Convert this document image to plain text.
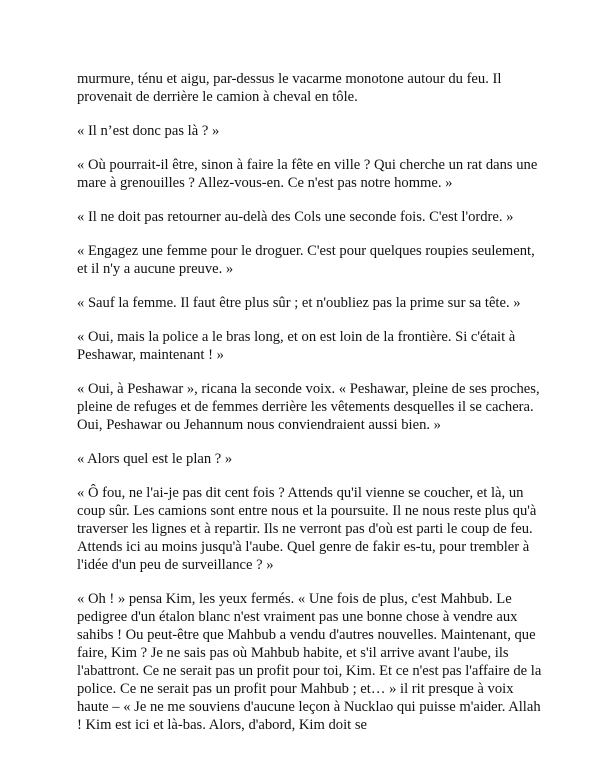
murmure, ténu et aigu, par-dessus le vacarme monotone autour du feu. Il provenait de derrière le camion à cheval en tôle.

« Il n’est donc pas là ? »

« Où pourrait-il être, sinon à faire la fête en ville ? Qui cherche un rat dans une mare à grenouilles ? Allez-vous-en. Ce n'est pas notre homme. »

« Il ne doit pas retourner au-delà des Cols une seconde fois. C'est l'ordre. »

« Engagez une femme pour le droguer. C'est pour quelques roupies seulement, et il n'y a aucune preuve. »

« Sauf la femme. Il faut être plus sûr ; et n'oubliez pas la prime sur sa tête. »

« Oui, mais la police a le bras long, et on est loin de la frontière. Si c'était à Peshawar, maintenant ! »

« Oui, à Peshawar », ricana la seconde voix. « Peshawar, pleine de ses proches, pleine de refuges et de femmes derrière les vêtements desquelles il se cachera. Oui, Peshawar ou Jehannum nous conviendraient aussi bien. »

« Alors quel est le plan ? »

« Ô fou, ne l'ai-je pas dit cent fois ? Attends qu'il vienne se coucher, et là, un coup sûr. Les camions sont entre nous et la poursuite. Il ne nous reste plus qu'à traverser les lignes et à repartir. Ils ne verront pas d'où est parti le coup de feu. Attends ici au moins jusqu'à l'aube. Quel genre de fakir es-tu, pour trembler à l'idée d'un peu de surveillance ? »

« Oh ! » pensa Kim, les yeux fermés. « Une fois de plus, c'est Mahbub. Le pedigree d'un étalon blanc n'est vraiment pas une bonne chose à vendre aux sahibs ! Ou peut-être que Mahbub a vendu d'autres nouvelles. Maintenant, que faire, Kim ? Je ne sais pas où Mahbub habite, et s'il arrive avant l'aube, ils l'abattront. Ce ne serait pas un profit pour toi, Kim. Et ce n'est pas l'affaire de la police. Ce ne serait pas un profit pour Mahbub ; et… » il rit presque à voix haute – « Je ne me souviens d'aucune leçon à Nucklao qui puisse m'aider. Allah ! Kim est ici et là-bas. Alors, d'abord, Kim doit se
